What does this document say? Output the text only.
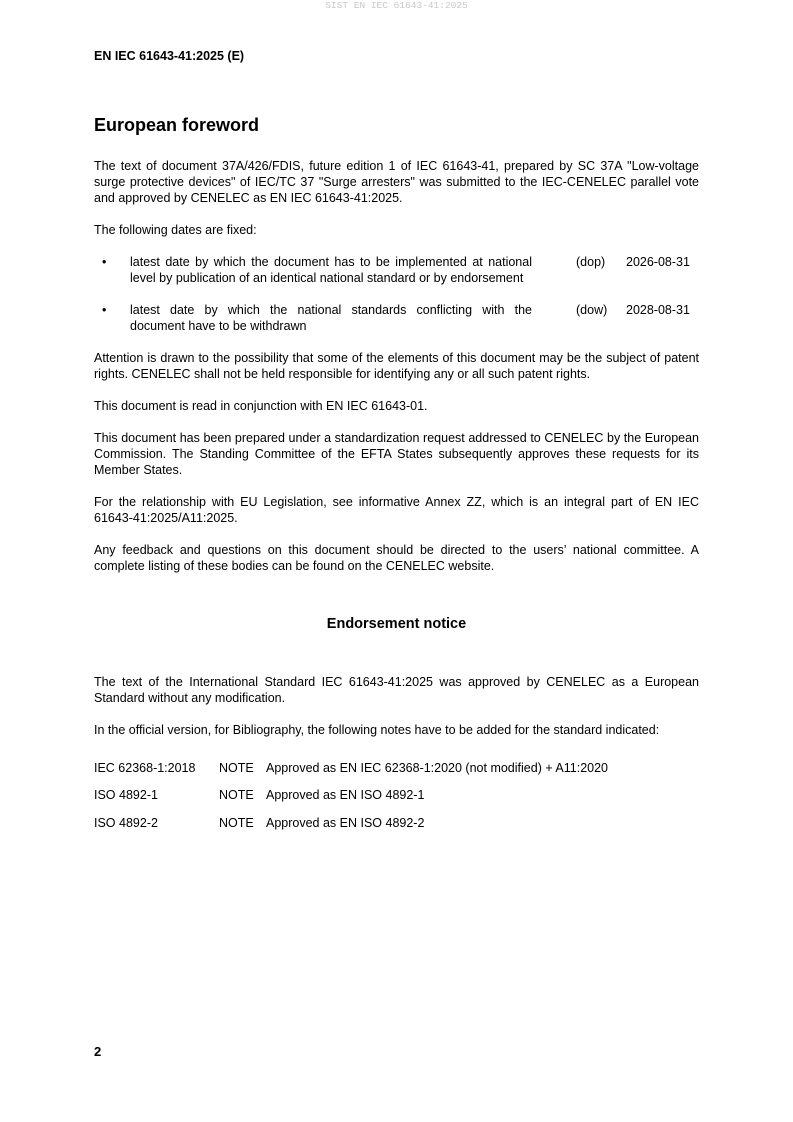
SIST EN IEC 61643-41:2025
EN IEC 61643-41:2025 (E)
European foreword
The text of document 37A/426/FDIS, future edition 1 of IEC 61643-41, prepared by SC 37A "Low-voltage surge protective devices" of IEC/TC 37 "Surge arresters" was submitted to the IEC-CENELEC parallel vote and approved by CENELEC as EN IEC 61643-41:2025.
The following dates are fixed:
• latest date by which the document has to be implemented at national
level by publication of an identical national standard or by endorsement
(dop) 2026-08-31
• latest date by which the national standards conflicting with the
document have to be withdrawn
(dow) 2028-08-31
Attention is drawn to the possibility that some of the elements of this document may be the subject of patent rights. CENELEC shall not be held responsible for identifying any or all such patent rights.
This document is read in conjunction with EN IEC 61643-01.
This document has been prepared under a standardization request addressed to CENELEC by the European Commission. The Standing Committee of the EFTA States subsequently approves these requests for its Member States.
For the relationship with EU Legislation, see informative Annex ZZ, which is an integral part of EN IEC 61643-41:2025/A11:2025.
Any feedback and questions on this document should be directed to the users’ national committee. A complete listing of these bodies can be found on the CENELEC website.
Endorsement notice
The text of the International Standard IEC 61643-41:2025 was approved by CENELEC as a European Standard without any modification.
In the official version, for Bibliography, the following notes have to be added for the standard indicated:
IEC 62368-1:2018 NOTE Approved as EN IEC 62368-1:2020 (not modified) + A11:2020
ISO 4892-1	NOTE Approved as EN ISO 4892-1
ISO 4892-2	NOTE Approved as EN ISO 4892-2
2
